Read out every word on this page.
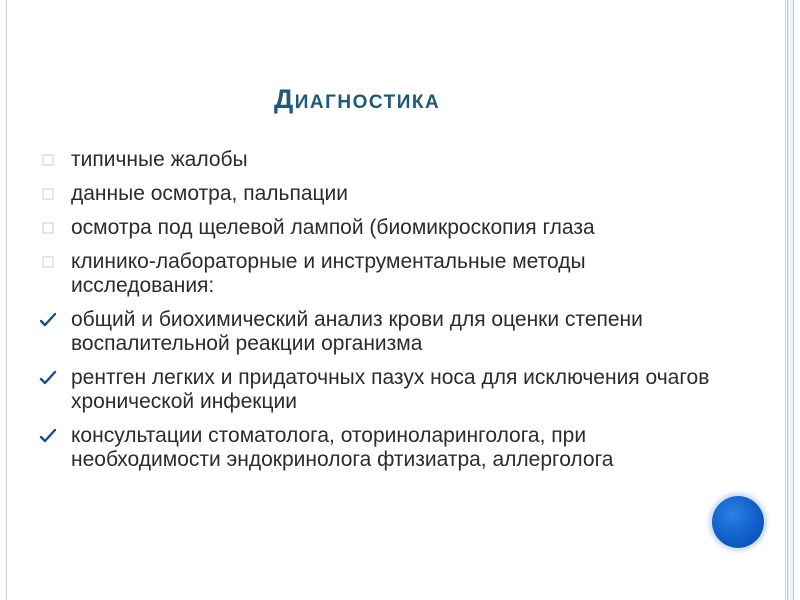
Диагностика
типичные жалобы
данные осмотра, пальпации
осмотра под щелевой лампой (биомикроскопия глаза
клинико-лабораторные и инструментальные методы исследования:
общий и биохимический анализ крови для оценки степени воспалительной реакции организма
рентген легких и придаточных пазух носа для исключения очагов хронической инфекции
консультации стоматолога, оториноларинголога, при необходимости эндокринолога фтизиатра, аллерголога
